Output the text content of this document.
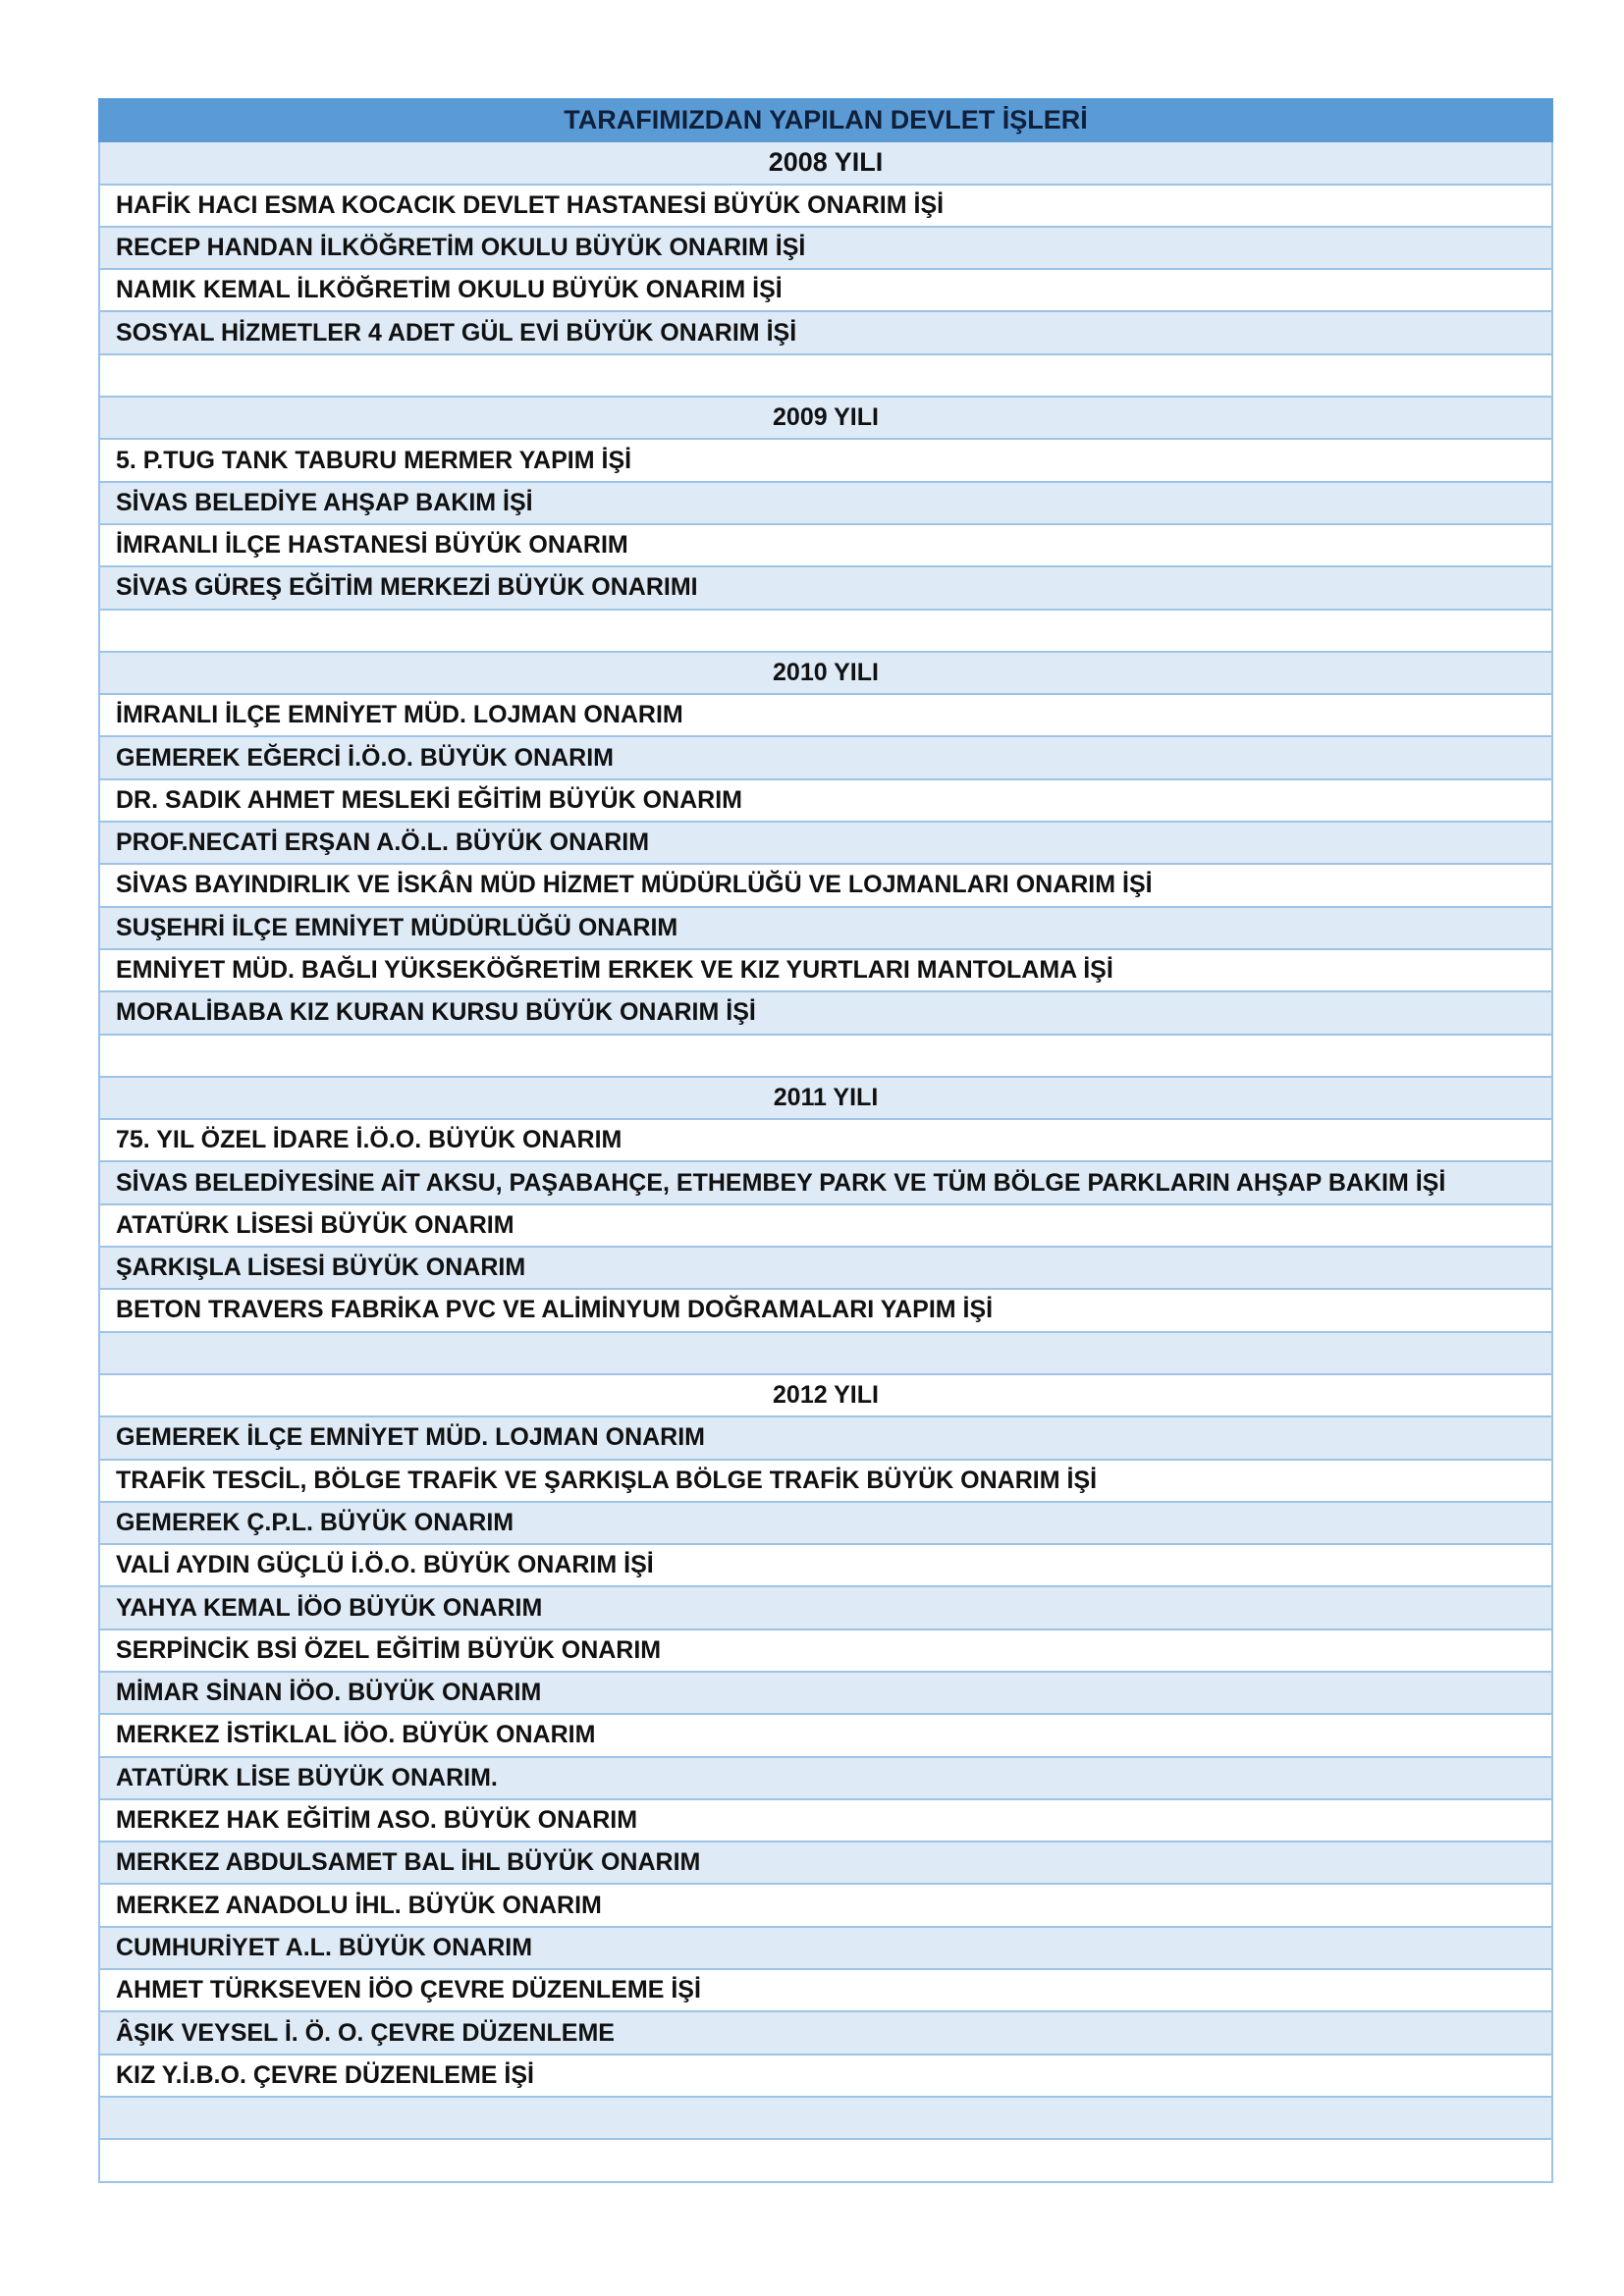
TARAFIMIZDAN YAPILAN DEVLET İŞLERİ
2008 YILI
HAFİK HACI ESMA KOCACIK DEVLET HASTANESİ BÜYÜK ONARIM İŞİ
RECEP HANDAN İLKÖĞRETİM OKULU BÜYÜK ONARIM İŞİ
NAMIK KEMAL İLKÖĞRETİM OKULU BÜYÜK ONARIM İŞİ
SOSYAL HİZMETLER 4 ADET GÜL EVİ BÜYÜK ONARIM İŞİ

2009 YILI
5. P.TUG TANK TABURU MERMER YAPIM İŞİ
SİVAS BELEDİYE AHŞAP BAKIM İŞİ
İMRANLI İLÇE HASTANESİ BÜYÜK ONARIM
SİVAS GÜREŞ EĞİTİM MERKEZİ BÜYÜK ONARIMI

2010 YILI
İMRANLI İLÇE EMNİYET MÜD. LOJMAN ONARIM
GEMEREK EĞERCİ İ.Ö.O. BÜYÜK ONARIM
DR. SADIK AHMET MESLEKİ EĞİTİM BÜYÜK ONARIM
PROF.NECATİ ERŞAN A.Ö.L. BÜYÜK ONARIM
SİVAS BAYINDIRLIK VE İSKÂN MÜD HİZMET MÜDÜRLÜĞÜ VE LOJMANLARI ONARIM İŞİ
SUŞEHRİ İLÇE EMNİYET MÜDÜRLÜĞÜ ONARIM
EMNİYET MÜD. BAĞLI YÜKSEKÖĞRETİM ERKEK VE KIZ YURTLARI MANTOLAMA İŞİ
MORALİBABA KIZ KURAN KURSU BÜYÜK ONARIM İŞİ

2011 YILI
75. YIL ÖZEL İDARE İ.Ö.O. BÜYÜK ONARIM
SİVAS BELEDİYESİNE AİT AKSU, PAŞABAHÇE, ETHEMBEY PARK VE TÜM BÖLGE PARKLARIN AHŞAP BAKIM İŞİ
ATATÜRK LİSESİ BÜYÜK ONARIM
ŞARKIŞLA LİSESİ BÜYÜK ONARIM
BETON TRAVERS FABRİKA PVC VE ALİMİNYUM DOĞRAMALARI YAPIM İŞİ

2012 YILI
GEMEREK İLÇE EMNİYET MÜD. LOJMAN ONARIM
TRAFİK TESCİL, BÖLGE TRAFİK VE ŞARKIŞLA BÖLGE TRAFİK BÜYÜK ONARIM İŞİ
GEMEREK Ç.P.L. BÜYÜK ONARIM
VALİ AYDIN GÜÇLÜ İ.Ö.O. BÜYÜK ONARIM İŞİ
YAHYA KEMAL İÖO BÜYÜK ONARIM
SERPİNCİK BSİ ÖZEL EĞİTİM BÜYÜK ONARIM
MİMAR SİNAN İÖO. BÜYÜK ONARIM
MERKEZ İSTİKLAL İÖO. BÜYÜK ONARIM
ATATÜRK LİSE BÜYÜK ONARIM.
MERKEZ HAK EĞİTİM ASO. BÜYÜK ONARIM
MERKEZ ABDULSAMET BAL İHL BÜYÜK ONARIM
MERKEZ ANADOLU İHL. BÜYÜK ONARIM
CUMHURİYET A.L. BÜYÜK ONARIM
AHMET TÜRKSEVEN İÖO ÇEVRE DÜZENLEME İŞİ
ÂŞIK VEYSEL İ. Ö. O. ÇEVRE DÜZENLEME
KIZ Y.İ.B.O. ÇEVRE DÜZENLEME İŞİ
